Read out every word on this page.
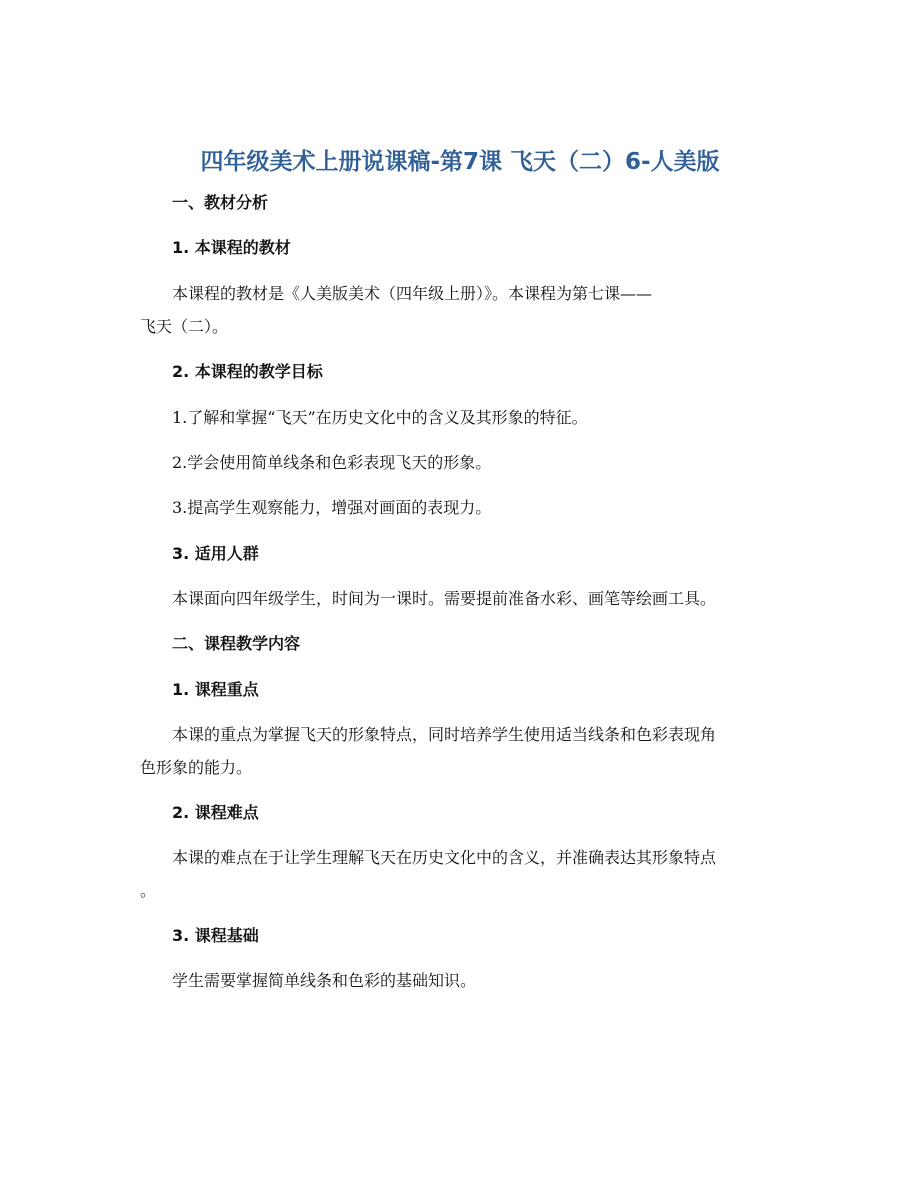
四年级美术上册说课稿-第7课 飞天（二）6-人美版
一、教材分析
1. 本课程的教材
本课程的教材是《人美版美术（四年级上册）》。本课程为第七课——
飞天（二）。
2. 本课程的教学目标
1.了解和掌握“飞天”在历史文化中的含义及其形象的特征。
2.学会使用简单线条和色彩表现飞天的形象。
3.提高学生观察能力，增强对画面的表现力。
3. 适用人群
本课面向四年级学生，时间为一课时。需要提前准备水彩、画笔等绘画工具。
二、课程教学内容
1. 课程重点
本课的重点为掌握飞天的形象特点，同时培养学生使用适当线条和色彩表现角
色形象的能力。
2. 课程难点
本课的难点在于让学生理解飞天在历史文化中的含义，并准确表达其形象特点
。
3. 课程基础
学生需要掌握简单线条和色彩的基础知识。
